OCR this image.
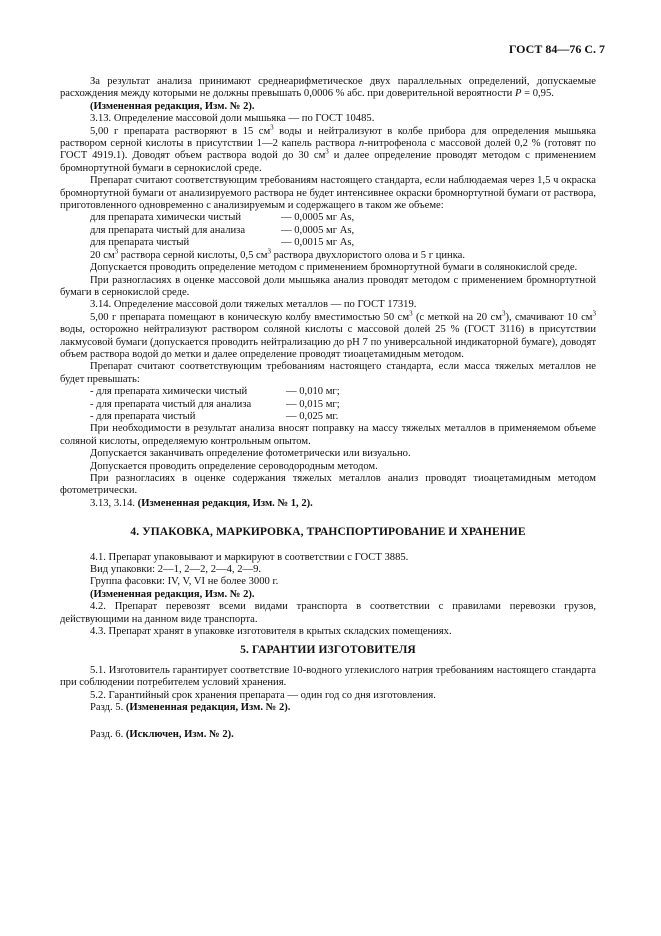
ГОСТ 84—76 С. 7

За результат анализа принимают среднеарифметическое двух параллельных определений, допускаемые расхождения между которыми не должны превышать 0,0006 % абс. при доверительной вероятности Р = 0,95.

(Измененная редакция, Изм. № 2).

3.13. Определение массовой доли мышьяка — по ГОСТ 10485.

5,00 г препарата растворяют в 15 $см^3$ воды и нейтрализуют в колбе прибора для определения мышьяка раствором серной кислоты в присутствии 1—2 капель раствора n-нитрофенола с массовой долей 0,2 % (готовят по ГОСТ 4919.1). Доводят объем раствора водой до 30 $см^3$ и далее определение проводят методом с применением бромнортутной бумаги в сернокислой среде.

Препарат считают соответствующим требованиям настоящего стандарта, если наблюдаемая через 1,5 ч окраска бромнортутной бумаги от анализируемого раствора не будет интенсивнее окраски бромнортутной бумаги от раствора, приготовленного одновременно с анализируемым и содержащего в таком же объеме:

для препарата химически чистый	— 0,0005 мг As,
для препарата чистый для анализа	— 0,0005 мг As,
для препарата чистый	— 0,0015 мг As,

20 $см^3$ раствора серной кислоты, 0,5 $см^3$ раствора двухлористого олова и 5 г цинка.

Допускается проводить определение методом с применением бромнортутной бумаги в солянокислой среде.

При разногласиях в оценке массовой доли мышьяка анализ проводят методом с применением бромнортутной бумаги в сернокислой среде.

3.14. Определение массовой доли тяжелых металлов — по ГОСТ 17319.

5,00 г препарата помещают в коническую колбу вместимостью 50 $см^3$ (с меткой на 20 $см^3$), смачивают 10 $см^3$ воды, осторожно нейтрализуют раствором соляной кислоты с массовой долей 25 % (ГОСТ 3116) в присутствии лакмусовой бумаги (допускается проводить нейтрализацию до pH 7 по универсальной индикаторной бумаге), доводят объем раствора водой до метки и далее определение проводят тиоацетамидным методом.

Препарат считают соответствующим требованиям настоящего стандарта, если масса тяжелых металлов не будет превышать:

- для препарата химически чистый	— 0,010 мг;
- для препарата чистый для анализа	— 0,015 мг;
- для препарата чистый	— 0,025 мг.

При необходимости в результат анализа вносят поправку на массу тяжелых металлов в применяемом объеме соляной кислоты, определяемую контрольным опытом.

Допускается заканчивать определение фотометрически или визуально.

Допускается проводить определение сероводородным методом.

При разногласиях в оценке содержания тяжелых металлов анализ проводят тиоацетамидным методом фотометрически.

3.13, 3.14. (Измененная редакция, Изм. № 1, 2).

4. УПАКОВКА, МАРКИРОВКА, ТРАНСПОРТИРОВАНИЕ И ХРАНЕНИЕ

4.1. Препарат упаковывают и маркируют в соответствии с ГОСТ 3885.

Вид упаковки: 2—1, 2—2, 2—4, 2—9.

Группа фасовки: IV, V, VI не более 3000 г.

(Измененная редакция, Изм. № 2).

4.2. Препарат перевозят всеми видами транспорта в соответствии с правилами перевозки грузов, действующими на данном виде транспорта.

4.3. Препарат хранят в упаковке изготовителя в крытых складских помещениях.

5. ГАРАНТИИ ИЗГОТОВИТЕЛЯ

5.1. Изготовитель гарантирует соответствие 10-водного углекислого натрия требованиям настоящего стандарта при соблюдении потребителем условий хранения.

5.2. Гарантийный срок хранения препарата — один год со дня изготовления.

Разд. 5. (Измененная редакция, Изм. № 2).

Разд. 6. (Исключен, Изм. № 2).
